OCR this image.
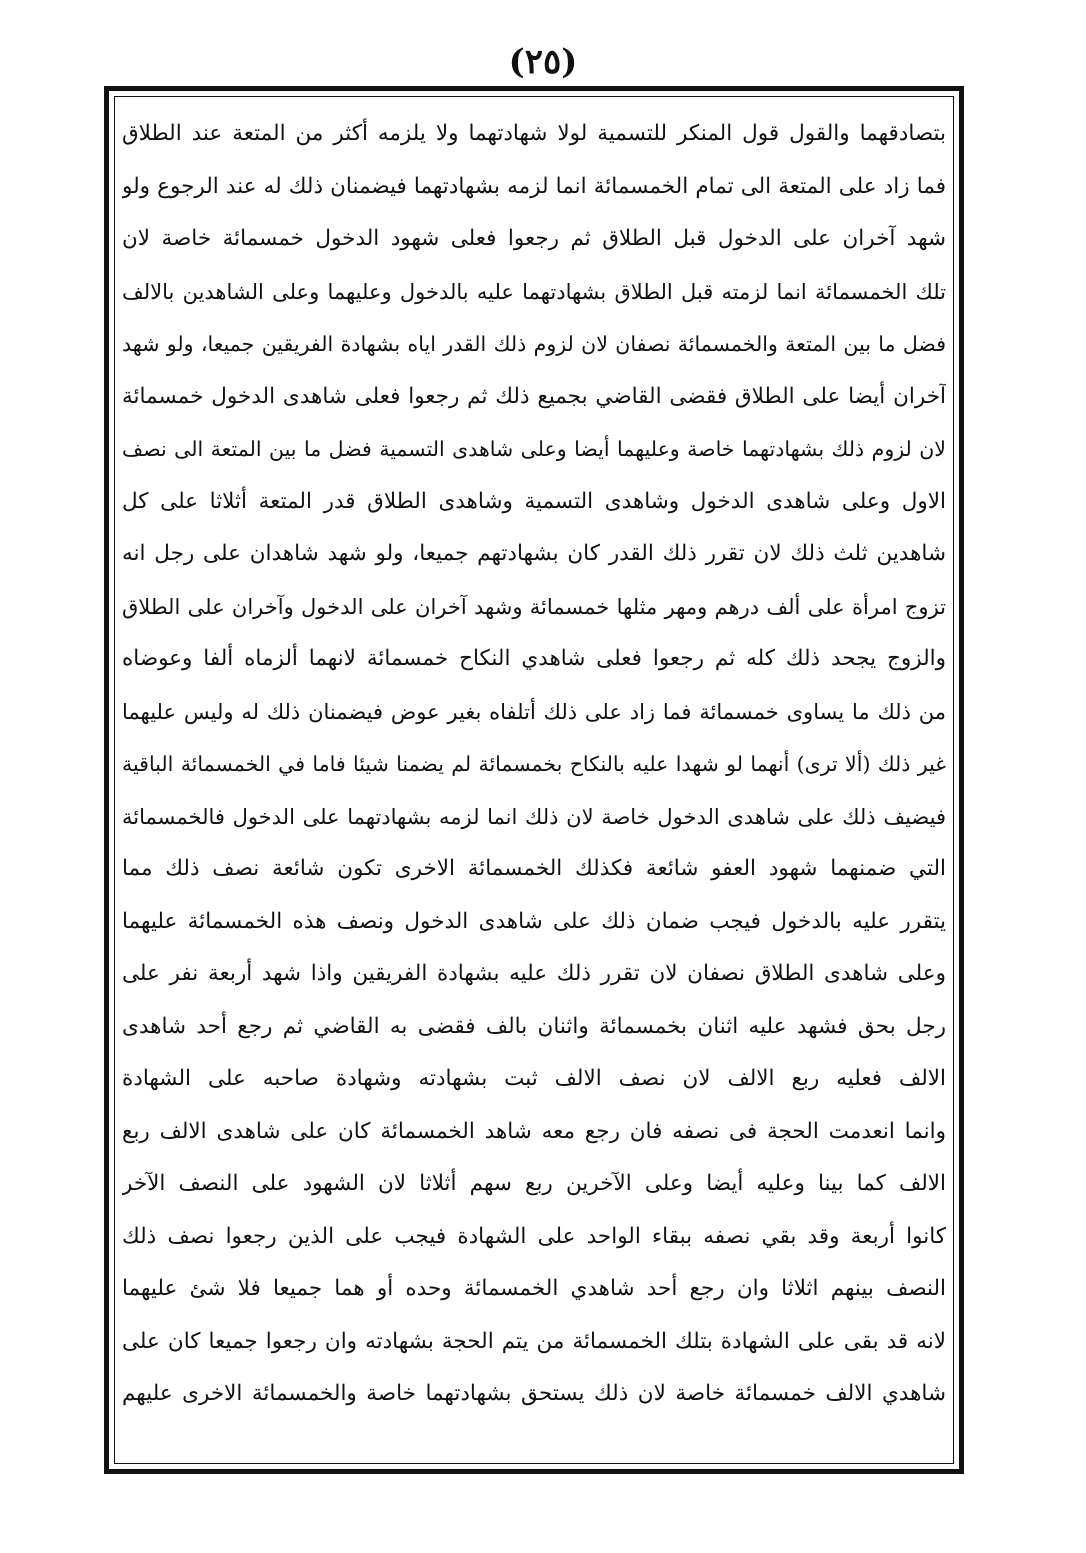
(٢٥)
بتصادقهما والقول قول المنكر للتسمية لولا شهادتهما ولا يلزمه أكثر من المتعة عند الطلاق
فما زاد على المتعة الى تمام الخمسمائة انما لزمه بشهادتهما فيضمنان ذلك له عند الرجوع ولو
شهد آخران على الدخول قبل الطلاق ثم رجعوا فعلى شهود الدخول خمسمائة خاصة لان
تلك الخمسمائة انما لزمته قبل الطلاق بشهادتهما عليه بالدخول وعليهما وعلى الشاهدين بالالف
فضل ما بين المتعة والخمسمائة نصفان لان لزوم ذلك القدر اياه بشهادة الفريقين جميعا، ولو شهد
آخران أيضا على الطلاق فقضى القاضي بجميع ذلك ثم رجعوا فعلى شاهدى الدخول خمسمائة
لان لزوم ذلك بشهادتهما خاصة وعليهما أيضا وعلى شاهدى التسمية فضل ما بين المتعة الى نصف
الاول وعلى شاهدى الدخول وشاهدى التسمية وشاهدى الطلاق قدر المتعة أثلاثا على كل
شاهدين ثلث ذلك لان تقرر ذلك القدر كان بشهادتهم جميعا، ولو شهد شاهدان على رجل انه
تزوج امرأة على ألف درهم ومهر مثلها خمسمائة وشهد آخران على الدخول وآخران على الطلاق
والزوج يجحد ذلك كله ثم رجعوا فعلى شاهدي النكاح خمسمائة لانهما ألزماه ألفا وعوضاه
من ذلك ما يساوى خمسمائة فما زاد على ذلك أتلفاه بغير عوض فيضمنان ذلك له وليس عليهما
غير ذلك (ألا ترى) أنهما لو شهدا عليه بالنكاح بخمسمائة لم يضمنا شيئا فاما في الخمسمائة الباقية
فيضيف ذلك على شاهدى الدخول خاصة لان ذلك انما لزمه بشهادتهما على الدخول فالخمسمائة
التي ضمنهما شهود العفو شائعة فكذلك الخمسمائة الاخرى تكون شائعة نصف ذلك مما
يتقرر عليه بالدخول فيجب ضمان ذلك على شاهدى الدخول ونصف هذه الخمسمائة عليهما
وعلى شاهدى الطلاق نصفان لان تقرر ذلك عليه بشهادة الفريقين واذا شهد أربعة نفر على
رجل بحق فشهد عليه اثنان بخمسمائة واثنان بالف فقضى به القاضي ثم رجع أحد شاهدى
الالف فعليه ربع الالف لان نصف الالف ثبت بشهادته وشهادة صاحبه على الشهادة
وانما انعدمت الحجة فى نصفه فان رجع معه شاهد الخمسمائة كان على شاهدى الالف ربع
الالف كما بينا وعليه أيضا وعلى الآخرين ربع سهم أثلاثا لان الشهود على النصف الآخر
كانوا أربعة وقد بقي نصفه ببقاء الواحد على الشهادة فيجب على الذين رجعوا نصف ذلك
النصف بينهم اثلاثا وان رجع أحد شاهدي الخمسمائة وحده أو هما جميعا فلا شئ عليهما
لانه قد بقى على الشهادة بتلك الخمسمائة من يتم الحجة بشهادته وان رجعوا جميعا كان على
شاهدي الالف خمسمائة خاصة لان ذلك يستحق بشهادتهما خاصة والخمسمائة الاخرى عليهم
